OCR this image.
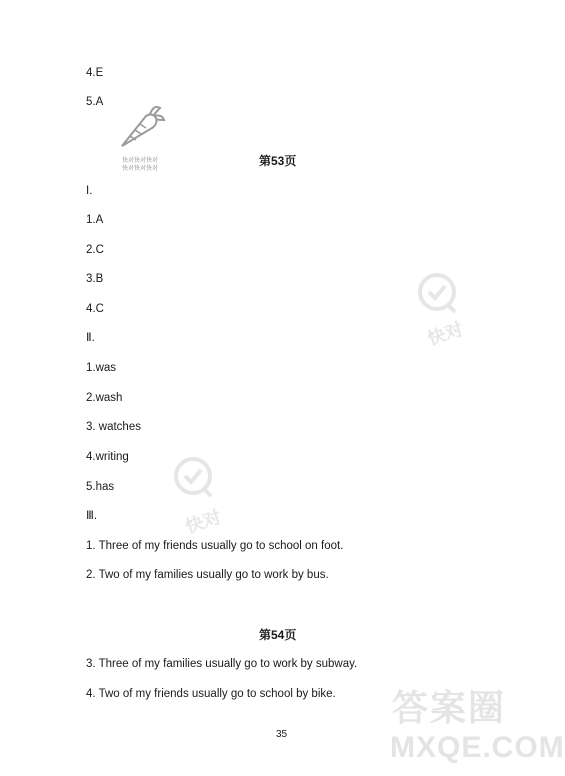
4.E
5.A
快对快对快对
快对快对快对
第53页
I.
1.A
2.C
3.B
4.C
Ⅱ.
1.was
2.wash
3. watches
4.writing
5.has
Ⅲ.
1. Three of my friends usually go to school on foot.
2. Two of my families usually go to work by bus.
第54页
3. Three of my families usually go to work by subway.
4. Two of my friends usually go to school by bike.
快对
快对
答案圈
MXQE.COM
35
